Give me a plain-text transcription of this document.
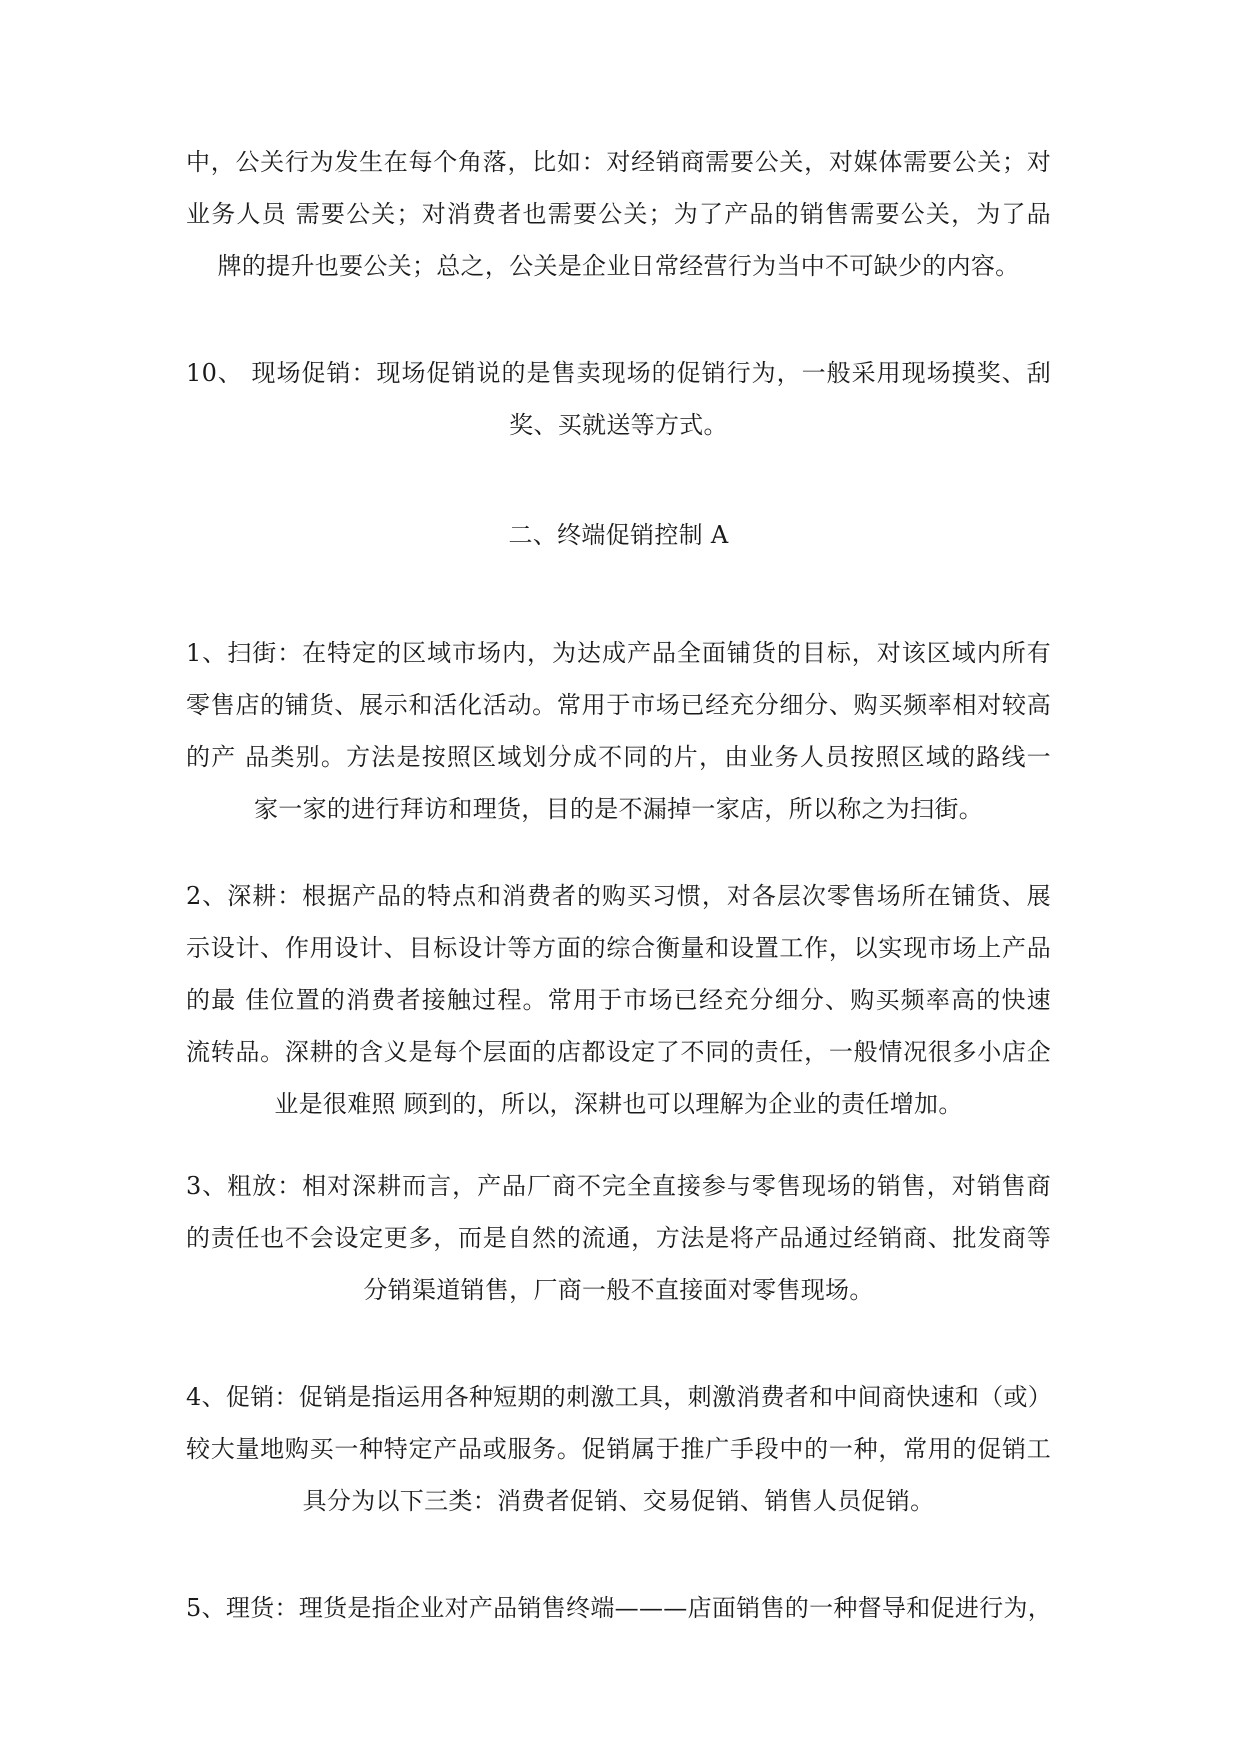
中，公关行为发生在每个角落，比如：对经销商需要公关，对媒体需要公关；对
业务人员 需要公关；对消费者也需要公关；为了产品的销售需要公关，为了品
牌的提升也要公关；总之，公关是企业日常经营行为当中不可缺少的内容。
10、 现场促销：现场促销说的是售卖现场的促销行为，一般采用现场摸奖、刮
奖、买就送等方式。
二、终端促销控制 A
1、扫街：在特定的区域市场内，为达成产品全面铺货的目标，对该区域内所有
零售店的铺货、展示和活化活动。常用于市场已经充分细分、购买频率相对较高
的产 品类别。方法是按照区域划分成不同的片，由业务人员按照区域的路线一
家一家的进行拜访和理货，目的是不漏掉一家店，所以称之为扫街。
2、深耕：根据产品的特点和消费者的购买习惯，对各层次零售场所在铺货、展
示设计、作用设计、目标设计等方面的综合衡量和设置工作，以实现市场上产品
的最 佳位置的消费者接触过程。常用于市场已经充分细分、购买频率高的快速
流转品。深耕的含义是每个层面的店都设定了不同的责任，一般情况很多小店企
业是很难照 顾到的，所以，深耕也可以理解为企业的责任增加。
3、粗放：相对深耕而言，产品厂商不完全直接参与零售现场的销售，对销售商
的责任也不会设定更多，而是自然的流通，方法是将产品通过经销商、批发商等
分销渠道销售，厂商一般不直接面对零售现场。
4、促销：促销是指运用各种短期的刺激工具，刺激消费者和中间商快速和（或）
较大量地购买一种特定产品或服务。促销属于推广手段中的一种，常用的促销工
具分为以下三类：消费者促销、交易促销、销售人员促销。
5、理货：理货是指企业对产品销售终端———店面销售的一种督导和促进行为，
